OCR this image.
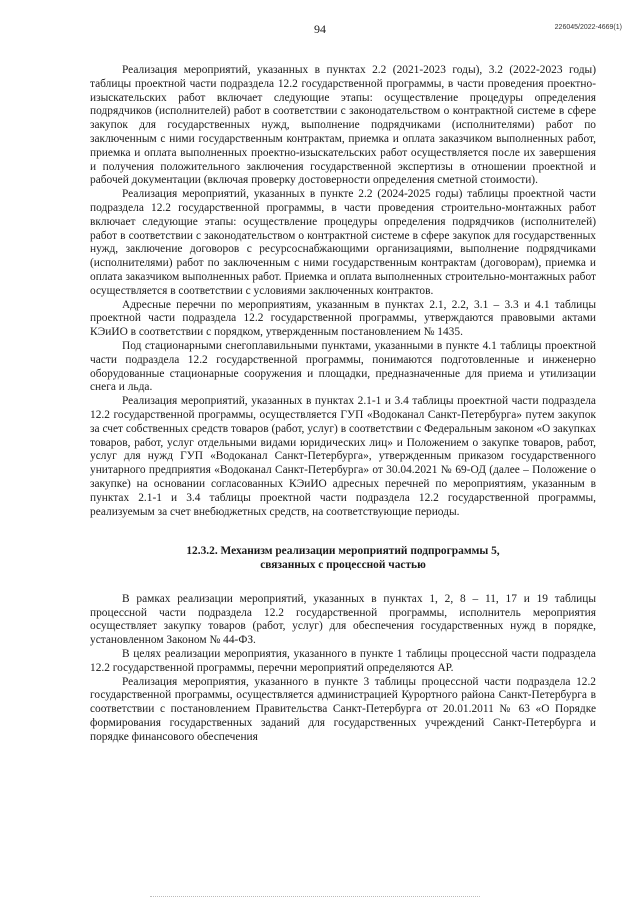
94	226045/2022-4669(1)

Реализация мероприятий, указанных в пунктах 2.2 (2021-2023 годы), 3.2 (2022-2023 годы) таблицы проектной части подраздела 12.2 государственной программы, в части проведения проектно-изыскательских работ включает следующие этапы: осуществление процедуры определения подрядчиков (исполнителей) работ в соответствии с законодательством о контрактной системе в сфере закупок для государственных нужд, выполнение подрядчиками (исполнителями) работ по заключенным с ними государственным контрактам, приемка и оплата заказчиком выполненных работ, приемка и оплата выполненных проектно-изыскательских работ осуществляется после их завершения и получения положительного заключения государственной экспертизы в отношении проектной и рабочей документации (включая проверку достоверности определения сметной стоимости).

Реализация мероприятий, указанных в пункте 2.2 (2024-2025 годы) таблицы проектной части подраздела 12.2 государственной программы, в части проведения строительно-монтажных работ включает следующие этапы: осуществление процедуры определения подрядчиков (исполнителей) работ в соответствии с законодательством о контрактной системе в сфере закупок для государственных нужд, заключение договоров с ресурсоснабжающими организациями, выполнение подрядчиками (исполнителями) работ по заключенным с ними государственным контрактам (договорам), приемка и оплата заказчиком выполненных работ. Приемка и оплата выполненных строительно-монтажных работ осуществляется в соответствии с условиями заключенных контрактов.

Адресные перечни по мероприятиям, указанным в пунктах 2.1, 2.2, 3.1 – 3.3 и 4.1 таблицы проектной части подраздела 12.2 государственной программы, утверждаются правовыми актами КЭиИО в соответствии с порядком, утвержденным постановлением № 1435.

Под стационарными снегоплавильными пунктами, указанными в пункте 4.1 таблицы проектной части подраздела 12.2 государственной программы, понимаются подготовленные и инженерно оборудованные стационарные сооружения и площадки, предназначенные для приема и утилизации снега и льда.

Реализация мероприятий, указанных в пунктах 2.1-1 и 3.4 таблицы проектной части подраздела 12.2 государственной программы, осуществляется ГУП «Водоканал Санкт-Петербурга» путем закупок за счет собственных средств товаров (работ, услуг) в соответствии с Федеральным законом «О закупках товаров, работ, услуг отдельными видами юридических лиц» и Положением о закупке товаров, работ, услуг для нужд ГУП «Водоканал Санкт-Петербурга», утвержденным приказом государственного унитарного предприятия «Водоканал Санкт-Петербурга» от 30.04.2021 № 69-ОД (далее – Положение о закупке) на основании согласованных КЭиИО адресных перечней по мероприятиям, указанным в пунктах 2.1-1 и 3.4 таблицы проектной части подраздела 12.2 государственной программы, реализуемым за счет внебюджетных средств, на соответствующие периоды.

12.3.2. Механизм реализации мероприятий подпрограммы 5,
связанных с процессной частью

В рамках реализации мероприятий, указанных в пунктах 1, 2, 8 – 11, 17 и 19 таблицы процессной части подраздела 12.2 государственной программы, исполнитель мероприятия осуществляет закупку товаров (работ, услуг) для обеспечения государственных нужд в порядке, установленном Законом № 44-ФЗ.

В целях реализации мероприятия, указанного в пункте 1 таблицы процессной части подраздела 12.2 государственной программы, перечни мероприятий определяются АР.

Реализация мероприятия, указанного в пункте 3 таблицы процессной части подраздела 12.2 государственной программы, осуществляется администрацией Курортного района Санкт-Петербурга в соответствии с постановлением Правительства Санкт-Петербурга от 20.01.2011 № 63 «О Порядке формирования государственных заданий для государственных учреждений Санкт-Петербурга и порядке финансового обеспечения
